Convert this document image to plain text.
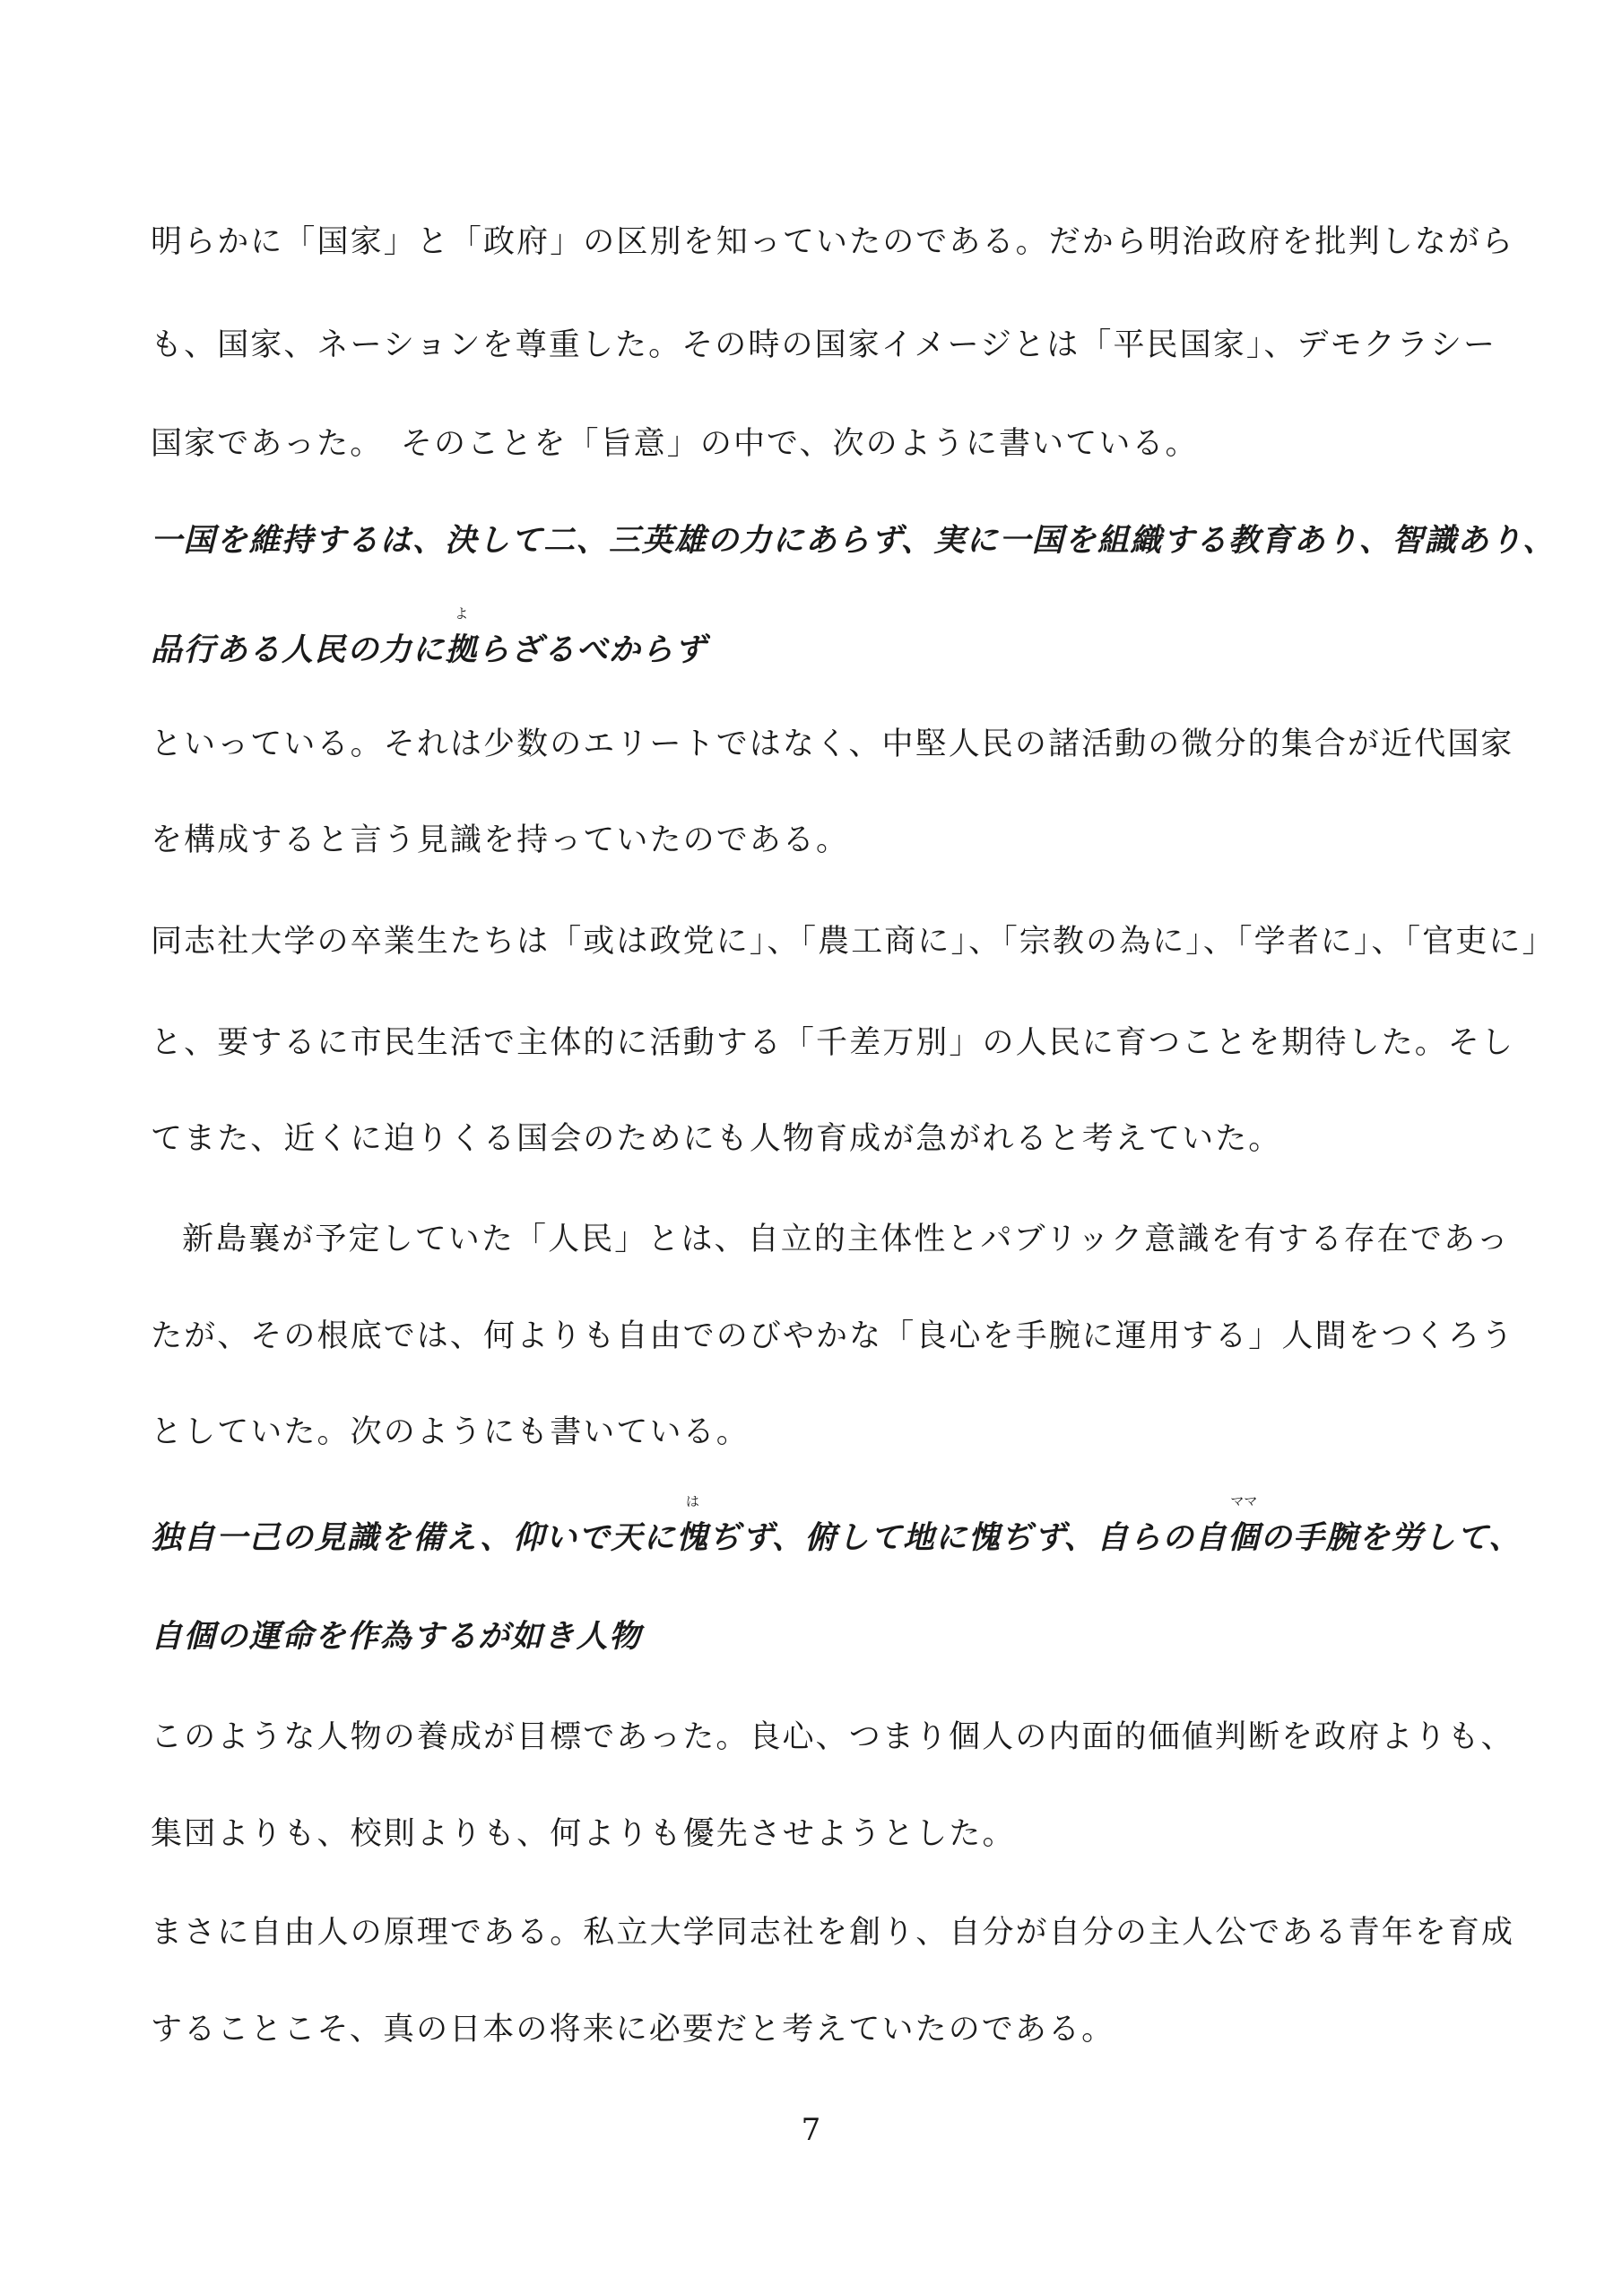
明らかに「国家」と「政府」の区別を知っていたのである。だから明治政府を批判しながら
も、国家、ネーションを尊重した。その時の国家イメージとは「平民国家」、デモクラシー
国家であった。　そのことを「旨意」の中で、次のように書いている。
一国を維持するは、決して二、三英雄の力にあらず、実に一国を組織する教育あり、智識あり、
品行ある人民の力に
よ
拠らざるべからず
といっている。それは少数のエリートではなく、中堅人民の諸活動の微分的集合が近代国家
を構成すると言う見識を持っていたのである。
同志社大学の卒業生たちは「或は政党に」、「農工商に」、「宗教の為に」、「学者に」、「官吏に」
と、要するに市民生活で主体的に活動する「千差万別」の人民に育つことを期待した。そし
てまた、近くに迫りくる国会のためにも人物育成が急がれると考えていた。
新島襄が予定していた「人民」とは、自立的主体性とパブリック意識を有する存在であっ
たが、その根底では、何よりも自由でのびやかな「良心を手腕に運用する」人間をつくろう
としていた。次のようにも書いている。
独自一己の見識を備え、仰いで天に
は
愧ぢず、俯して地に愧ぢず、自らの自
ママ
個の手腕を労して、
自個の運命を作為するが如き人物
このような人物の養成が目標であった。良心、つまり個人の内面的価値判断を政府よりも、
集団よりも、校則よりも、何よりも優先させようとした。
まさに自由人の原理である。私立大学同志社を創り、自分が自分の主人公である青年を育成
することこそ、真の日本の将来に必要だと考えていたのである。
7
